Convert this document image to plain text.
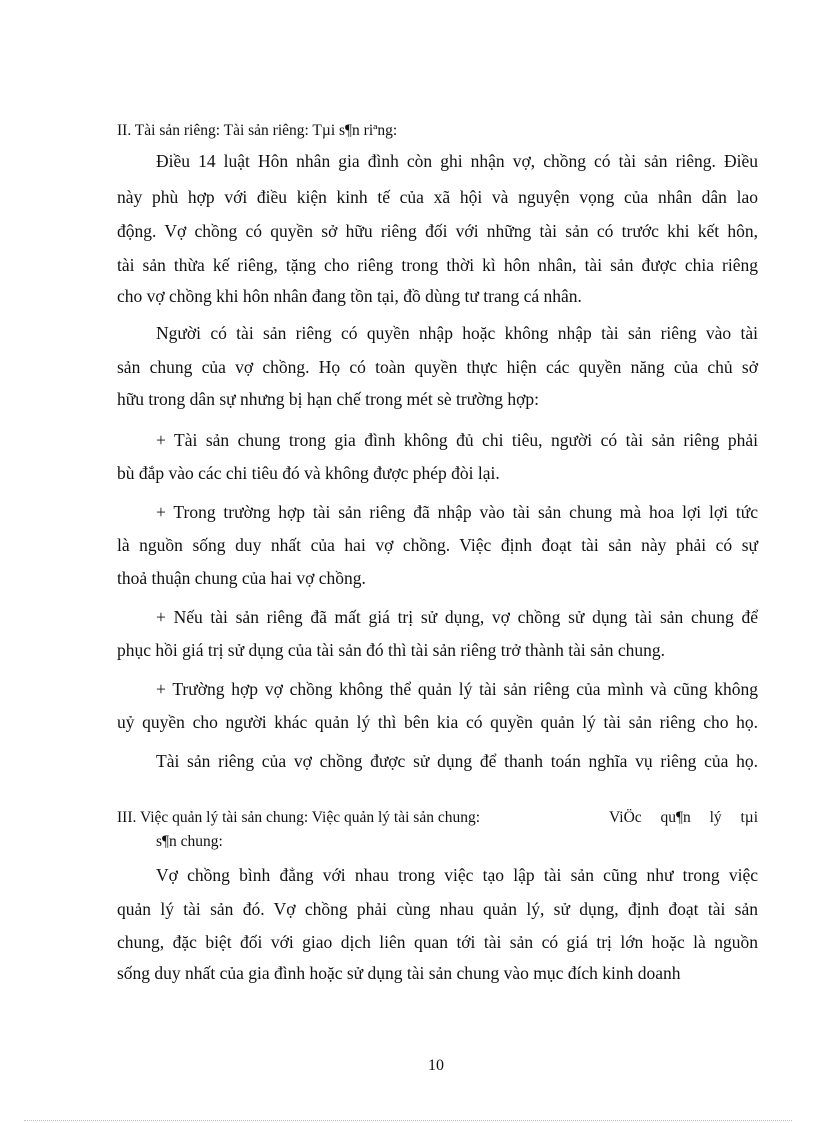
II. Tài sản riêng: Tài sản riêng: Tµi s¶n riªng:
Điều 14 luật Hôn nhân gia đình còn ghi nhận vợ, chồng có tài sản riêng. Điều
này phù hợp với điều kiện kinh tế của xã hội và nguyện vọng của nhân dân lao
động. Vợ chồng có quyền sở hữu riêng đối với những tài sản có trước khi kết hôn,
tài sản thừa kế riêng, tặng cho riêng trong thời kì hôn nhân, tài sản được chia riêng
cho vợ chồng khi hôn nhân đang tồn tại, đồ dùng tư trang cá nhân.
Người có tài sản riêng có quyền nhập hoặc không nhập tài sản riêng vào tài
sản chung của vợ chồng. Họ có toàn quyền thực hiện các quyền năng của chủ sở
hữu trong dân sự nhưng bị hạn chế trong mét sè trường hợp:
+ Tài sản chung trong gia đình không đủ chi tiêu, người có tài sản riêng phải
bù đắp vào các chi tiêu đó và không được phép đòi lại.
+ Trong trường hợp tài sản riêng đã nhập vào tài sản chung mà hoa lợi lợi tức
là nguồn sống duy nhất của hai vợ chồng. Việc định đoạt tài sản này phải có sự
thoả thuận chung của hai vợ chồng.
+ Nếu tài sản riêng đã mất giá trị sử dụng, vợ chồng sử dụng tài sản chung để
phục hồi giá trị sử dụng của tài sản đó thì tài sản riêng trở thành tài sản chung.
+ Trường hợp vợ chồng không thể quản lý tài sản riêng của mình và cũng không
uỷ quyền cho người khác quản lý thì bên kia có quyền quản lý tài sản riêng cho họ.
Tài sản riêng của vợ chồng được sử dụng để thanh toán nghĩa vụ riêng của họ.
III. Việc quản lý tài sản chung: Việc quản lý tài sản chung:	ViÖc qu¶n lý tµi
s¶n chung:
Vợ chồng bình đẳng với nhau trong việc tạo lập tài sản cũng như trong việc
quản lý tài sản đó. Vợ chồng phải cùng nhau quản lý, sử dụng, định đoạt tài sản
chung, đặc biệt đối với giao dịch liên quan tới tài sản có giá trị lớn hoặc là nguồn
sống duy nhất của gia đình hoặc sử dụng tài sản chung vào mục đích kinh doanh
10
